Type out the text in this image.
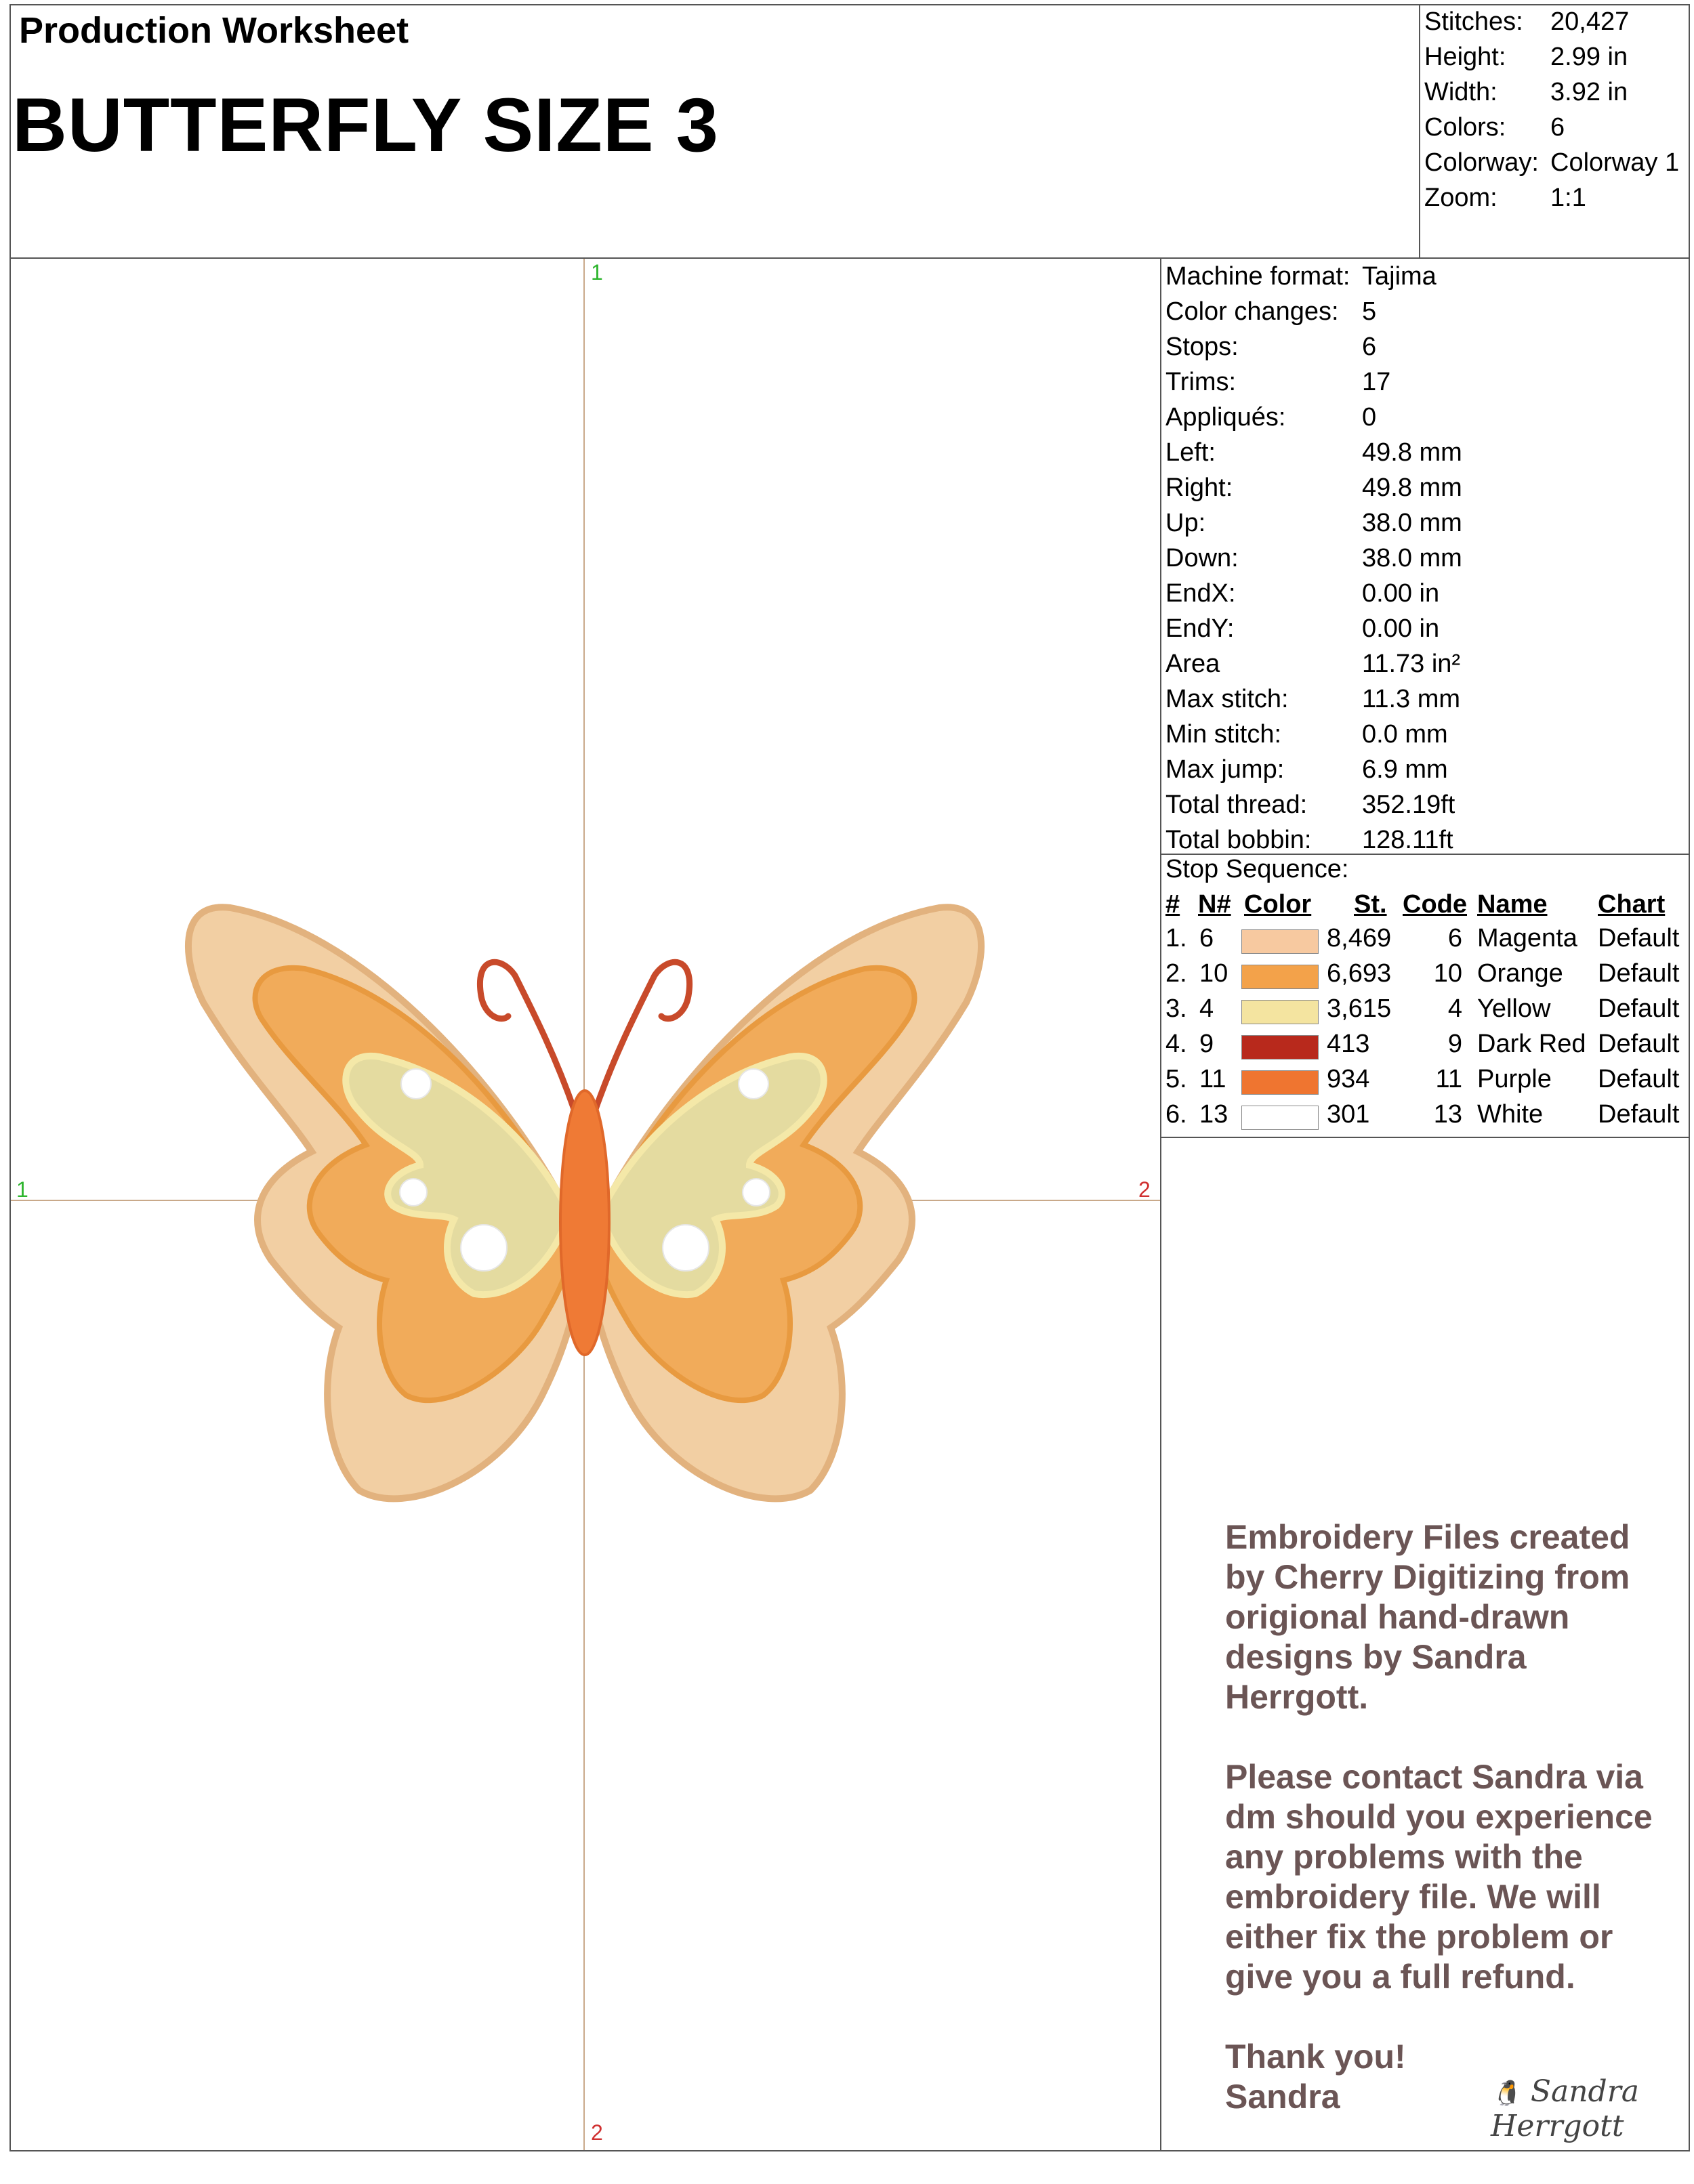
Production Worksheet
BUTTERFLY SIZE 3
Stitches: 20,427
Height: 2.99 in
Width: 3.92 in
Colors: 6
Colorway: Colorway 1
Zoom: 1:1
Machine format: Tajima
Color changes: 5
Stops:	6
Trims:	17
Appliqués:	0
Left:	49.8 mm
Right:	49.8 mm
Up:	38.0 mm
Down:	38.0 mm
EndX:	0.00 in
EndY:	0.00 in
Area	11.73 in²
Max stitch:	11.3 mm
Min stitch:	0.0 mm
Max jump:	6.9 mm
Total thread: 352.19ft
Total bobbin: 128.11ft
Stop Sequence:
# N# Color St. Code Name Chart
1. 6	8,469	6 Magenta Default
2. 10	6,693 10 Orange Default
3. 4	3,615	4 Yellow Default
4. 9	413	9 Dark Red Default
5. 11	934	11 Purple Default
6. 13	301 13 White Default
1
1	2
2

Embroidery Files created by Cherry Digitizing from origional hand-drawn designs by Sandra Herrgott.

Please contact Sandra via dm should you experience any problems with the embroidery file. We will either fix the problem or give you a full refund.

Thank you!
Sandra	🐧 Sandra Herrgott
